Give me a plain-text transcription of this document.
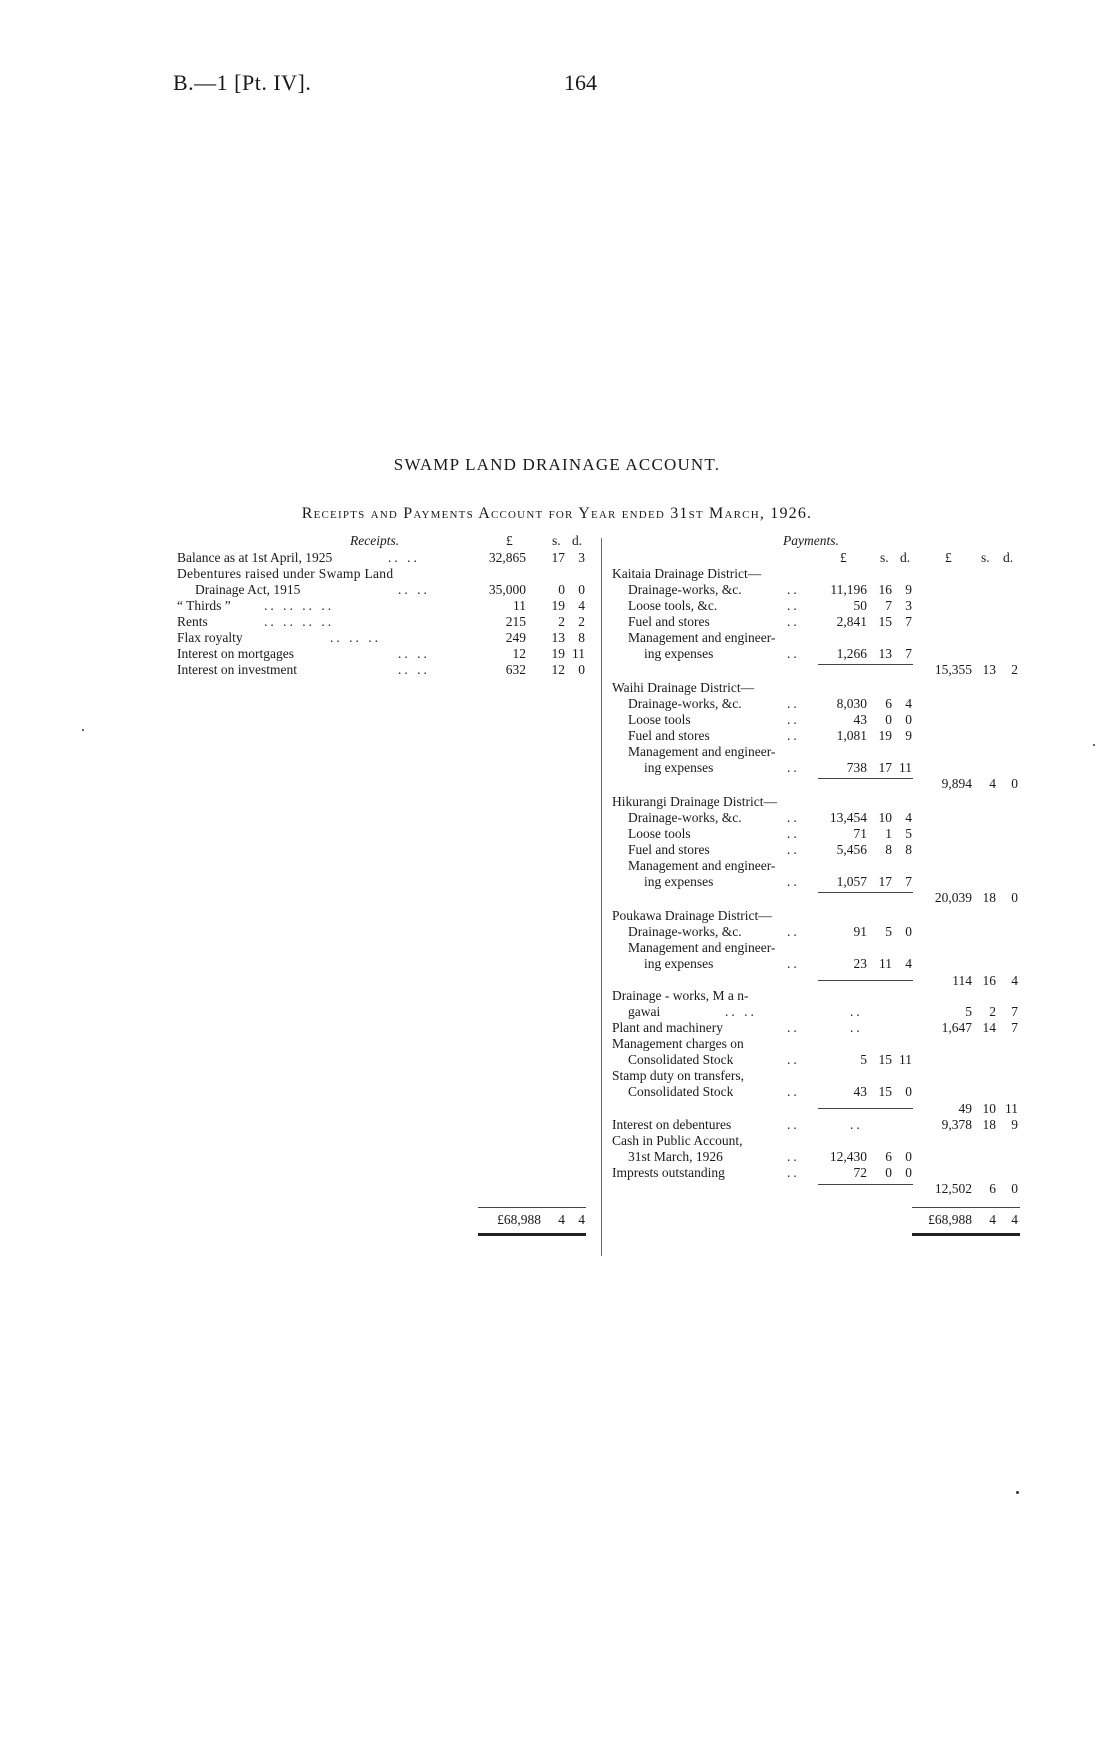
B.—1 [Pt. IV].	164
SWAMP LAND DRAINAGE ACCOUNT.
Receipts and Payments Account for Year ended 31st March, 1926.
Receipts.	£	s. d.
Balance as at 1st April, 1925	.. ..	32,865 17 3
Debentures raised under Swamp Land
Drainage Act, 1915	.. ..	35,000 0 0
“ Thirds ” .. .. .. ..	11 19 4
Rents	.. .. .. ..	215 2 2
Flax royalty	.. .. ..	249 13 8
Interest on mortgages	.. ..	12 19 11
Interest on investment	.. ..	632 12 0
£68,988 4 4
Payments.
£ s. d.	£ s. d.
Kaitaia Drainage District—
Drainage-works, &c.	.. 11,196 16 9
Loose tools, &c.	..	50 7 3
Fuel and stores	..	2,841 15 7
Management and engineer-
ing expenses	..	1,266 13 7
15,355 13 2
Waihi Drainage District—
Drainage-works, &c.	..	8,030 6 4
Loose tools	..	43 0 0
Fuel and stores	..	1,081 19 9
Management and engineer-
ing expenses	..	738 17 11
9,894 4 0
Hikurangi Drainage District—
Drainage-works, &c.	.. 13,454 10 4
Loose tools	..	71 1 5
Fuel and stores	..	5,456 8 8
Management and engineer-
ing expenses	..	1,057 17 7
20,039 18 0
Poukawa Drainage District—
Drainage-works, &c.	..	91 5 0
Management and engineer-
ing expenses	..	23 11 4
114 16 4
Drainage - works, M a n-
gawai	.. ..	..	5 2 7
Plant and machinery	..	..	1,647 14 7
Management charges on
Consolidated Stock	..	5 15 11
Stamp duty on transfers,
Consolidated Stock	..	43 15 0
49 10 11
Interest on debentures	..	..	9,378 18 9
Cash in Public Account,
31st March, 1926	.. 12,430 6 0
Imprests outstanding	..	72 0 0
12,502 6 0
£68,988 4 4
